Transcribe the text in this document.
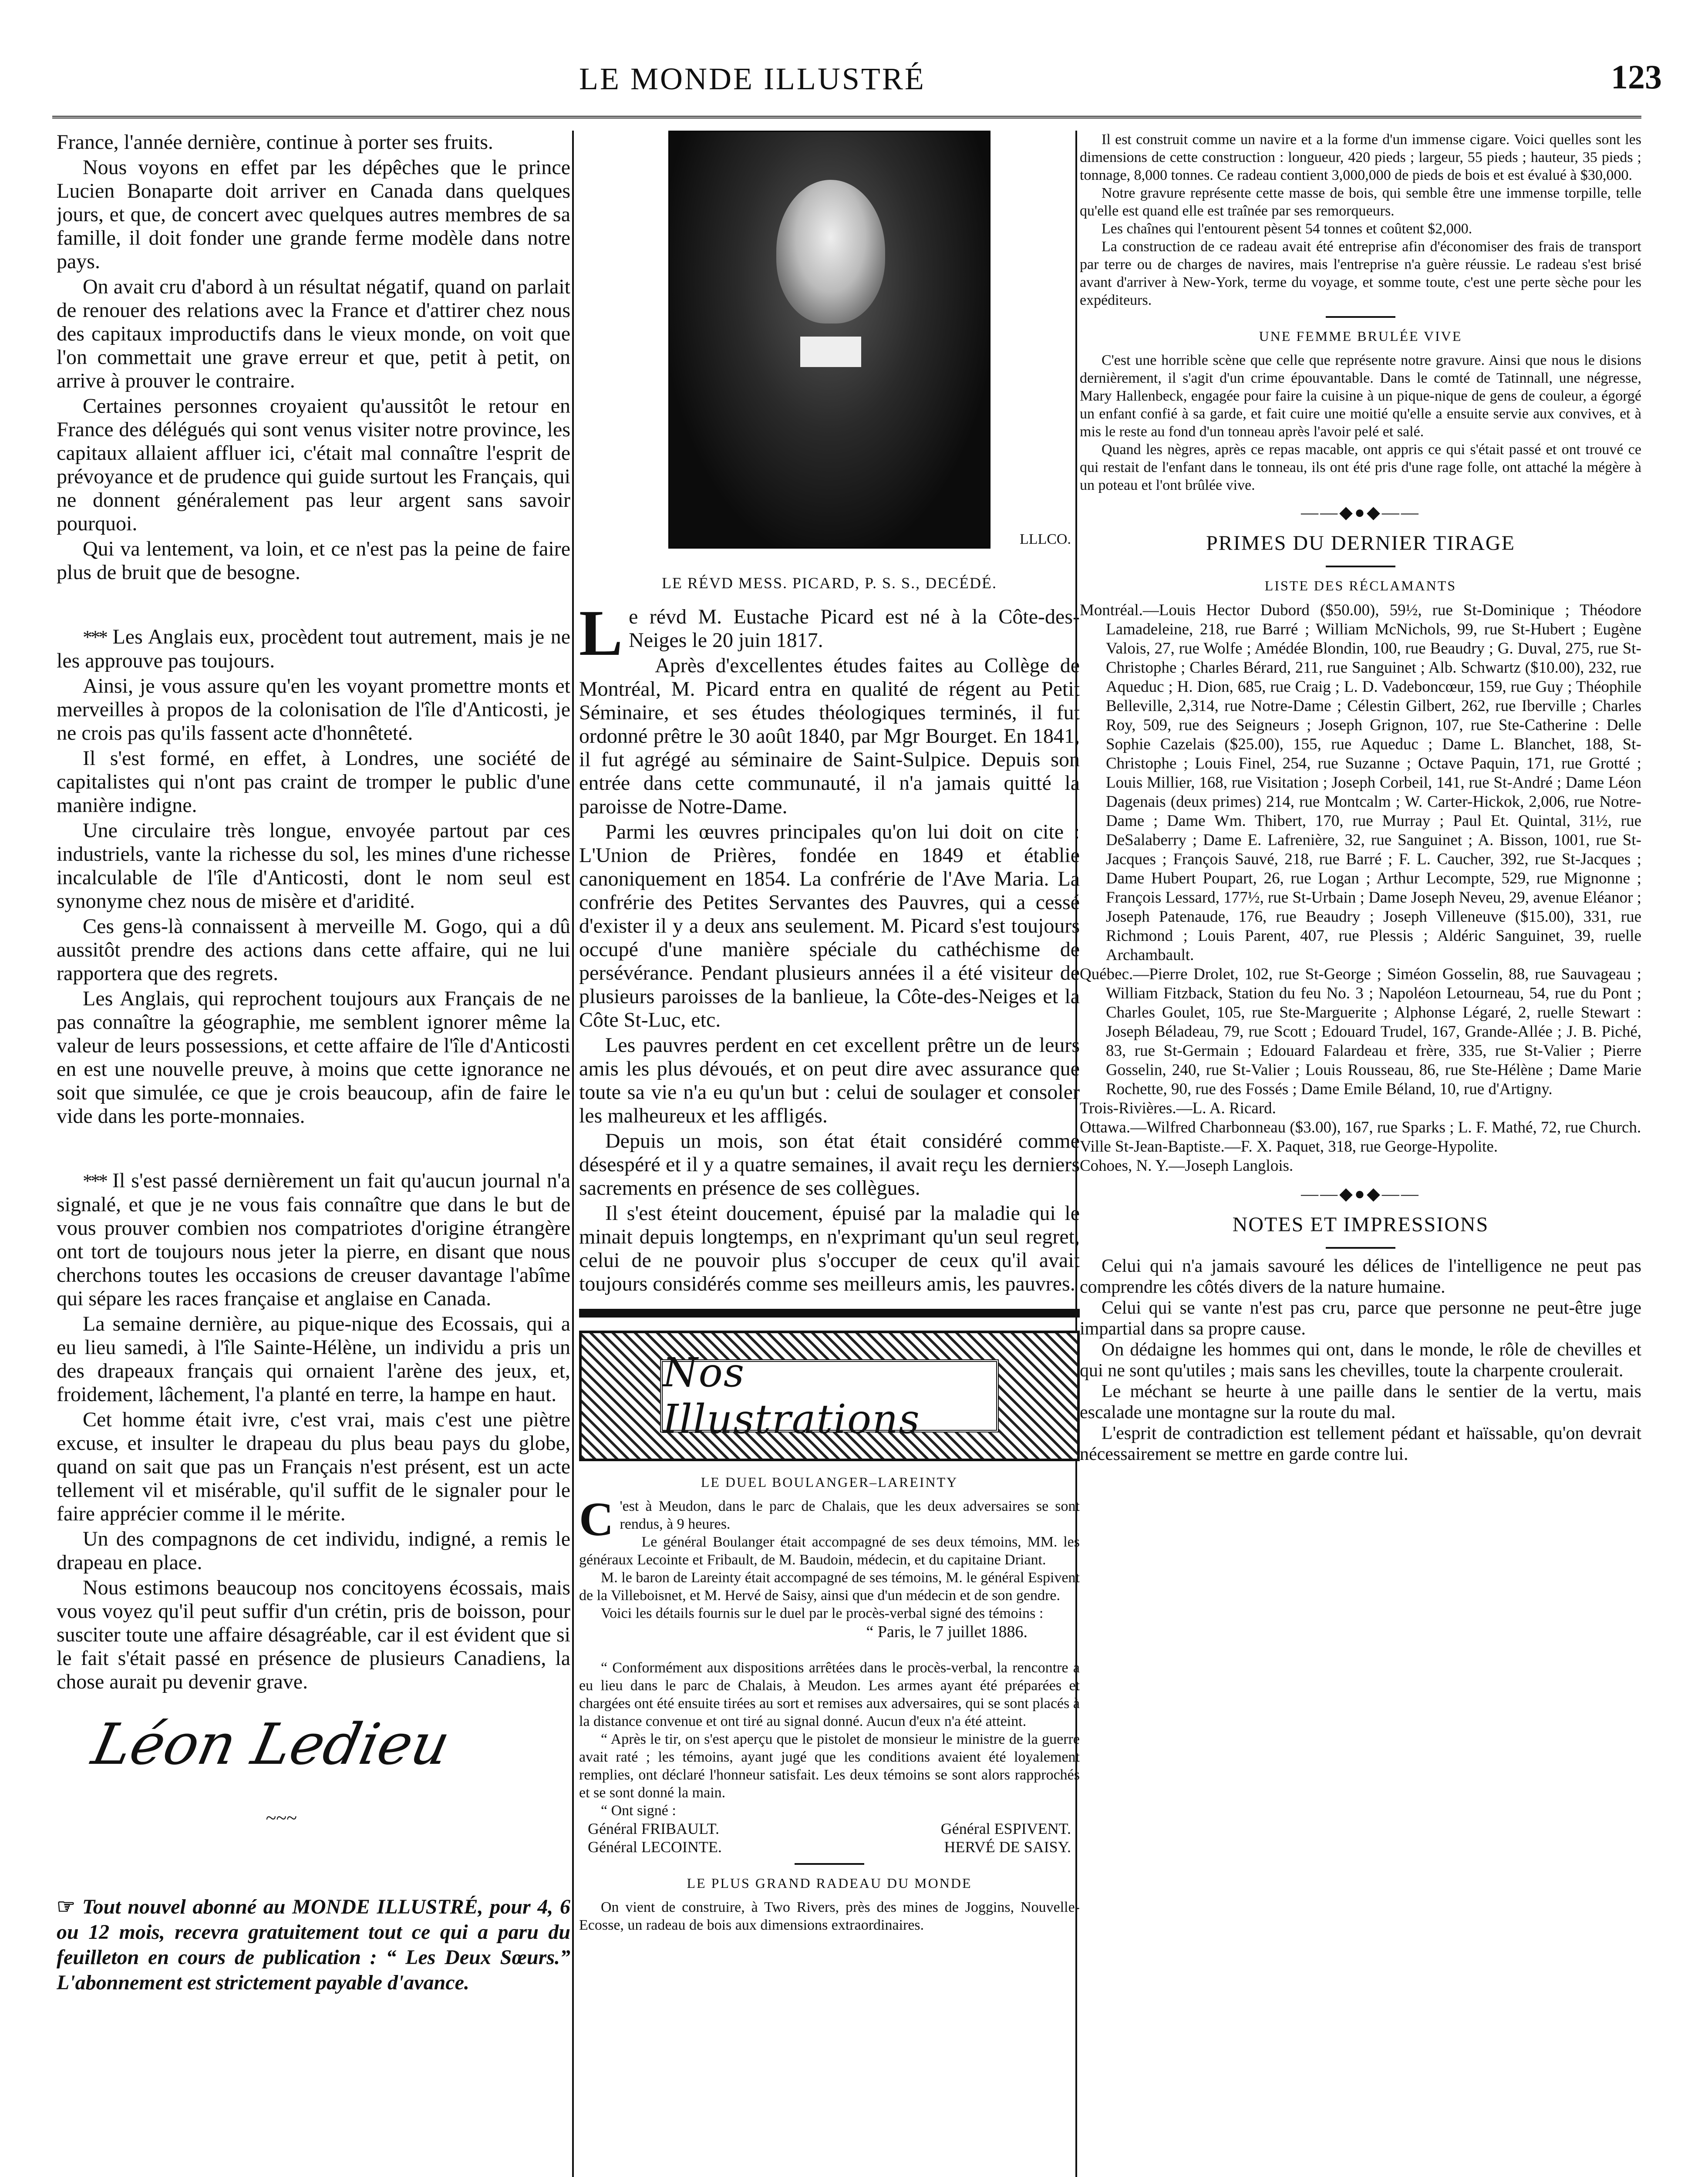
LE MONDE ILLUSTRÉ	123

France, l'année dernière, continue à porter ses fruits.

Nous voyons en effet par les dépêches que le prince Lucien Bonaparte doit arriver en Canada dans quelques jours, et que, de concert avec quelques autres membres de sa famille, il doit fonder une grande ferme modèle dans notre pays.

On avait cru d'abord à un résultat négatif, quand on parlait de renouer des relations avec la France et d'attirer chez nous des capitaux improductifs dans le vieux monde, on voit que l'on commettait une grave erreur et que, petit à petit, on arrive à prouver le contraire.

Certaines personnes croyaient qu'aussitôt le retour en France des délégués qui sont venus visiter notre province, les capitaux allaient affluer ici, c'était mal connaître l'esprit de prévoyance et de prudence qui guide surtout les Français, qui ne donnent généralement pas leur argent sans savoir pourquoi.

Qui va lentement, va loin, et ce n'est pas la peine de faire plus de bruit que de besogne.

*** Les Anglais eux, procèdent tout autrement, mais je ne les approuve pas toujours.

Ainsi, je vous assure qu'en les voyant promettre monts et merveilles à propos de la colonisation de l'île d'Anticosti, je ne crois pas qu'ils fassent acte d'honnêteté.

Il s'est formé, en effet, à Londres, une société de capitalistes qui n'ont pas craint de tromper le public d'une manière indigne.

Une circulaire très longue, envoyée partout par ces industriels, vante la richesse du sol, les mines d'une richesse incalculable de l'île d'Anticosti, dont le nom seul est synonyme chez nous de misère et d'aridité.

Ces gens-là connaissent à merveille M. Gogo, qui a dû aussitôt prendre des actions dans cette affaire, qui ne lui rapportera que des regrets.

Les Anglais, qui reprochent toujours aux Français de ne pas connaître la géographie, me semblent ignorer même la valeur de leurs possessions, et cette affaire de l'île d'Anticosti en est une nouvelle preuve, à moins que cette ignorance ne soit que simulée, ce que je crois beaucoup, afin de faire le vide dans les porte-monnaies.

*** Il s'est passé dernièrement un fait qu'aucun journal n'a signalé, et que je ne vous fais connaître que dans le but de vous prouver combien nos compatriotes d'origine étrangère ont tort de toujours nous jeter la pierre, en disant que nous cherchons toutes les occasions de creuser davantage l'abîme qui sépare les races française et anglaise en Canada.

La semaine dernière, au pique-nique des Ecossais, qui a eu lieu samedi, à l'île Sainte-Hélène, un individu a pris un des drapeaux français qui ornaient l'arène des jeux, et, froidement, lâchement, l'a planté en terre, la hampe en haut.

Cet homme était ivre, c'est vrai, mais c'est une piètre excuse, et insulter le drapeau du plus beau pays du globe, quand on sait que pas un Français n'est présent, est un acte tellement vil et misérable, qu'il suffit de le signaler pour le faire apprécier comme il le mérite.

Un des compagnons de cet individu, indigné, a remis le drapeau en place.

Nous estimons beaucoup nos concitoyens écossais, mais vous voyez qu'il peut suffir d'un crétin, pris de boisson, pour susciter toute une affaire désagréable, car il est évident que si le fait s'était passé en présence de plusieurs Canadiens, la chose aurait pu devenir grave.

Léon Ledieu
~~~

☞ Tout nouvel abonné au MONDE ILLUSTRÉ, pour 4, 6 ou 12 mois, recevra gratuitement tout ce qui a paru du feuilleton en cours de publication : “ Les Deux Sœurs.” L'abonnement est strictement payable d'avance.

LLLCO.
LE RÉVD MESS. PICARD, P. S. S., DECÉDÉ.

Le révd M. Eustache Picard est né à la Côte-des-Neiges le 20 juin 1817.

Après d'excellentes études faites au Collège de Montréal, M. Picard entra en qualité de régent au Petit Séminaire, et ses études théologiques terminés, il fut ordonné prêtre le 30 août 1840, par Mgr Bourget. En 1841, il fut agrégé au séminaire de Saint-Sulpice. Depuis son entrée dans cette communauté, il n'a jamais quitté la paroisse de Notre-Dame.

Parmi les œuvres principales qu'on lui doit on cite : L'Union de Prières, fondée en 1849 et établie canoniquement en 1854. La confrérie de l'Ave Maria. La confrérie des Petites Servantes des Pauvres, qui a cessé d'exister il y a deux ans seulement. M. Picard s'est toujours occupé d'une manière spéciale du cathéchisme de persévérance. Pendant plusieurs années il a été visiteur de plusieurs paroisses de la banlieue, la Côte-des-Neiges et la Côte St-Luc, etc.

Les pauvres perdent en cet excellent prêtre un de leurs amis les plus dévoués, et on peut dire avec assurance que toute sa vie n'a eu qu'un but : celui de soulager et consoler les malheureux et les affligés.

Depuis un mois, son état était considéré comme désespéré et il y a quatre semaines, il avait reçu les derniers sacrements en présence de ses collègues.

Il s'est éteint doucement, épuisé par la maladie qui le minait depuis longtemps, en n'exprimant qu'un seul regret, celui de ne pouvoir plus s'occuper de ceux qu'il avait toujours considérés comme ses meilleurs amis, les pauvres.

Nos Illustrations
LE DUEL BOULANGER–LAREINTY

C 'est à Meudon, dans le parc de Chalais, que les deux adversaires se sont rendus, à 9 heures.

Le général Boulanger était accompagné de ses deux témoins, MM. les généraux Lecointe et Fribault, de M. Baudoin, médecin, et du capitaine Driant.

M. le baron de Lareinty était accompagné de ses témoins, M. le général Espivent de la Villeboisnet, et M. Hervé de Saisy, ainsi que d'un médecin et de son gendre.

Voici les détails fournis sur le duel par le procès-verbal signé des témoins :

“ Paris, le 7 juillet 1886.

“ Conformément aux dispositions arrêtées dans le procès-verbal, la rencontre a eu lieu dans le parc de Chalais, à Meudon. Les armes ayant été préparées et chargées ont été ensuite tirées au sort et remises aux adversaires, qui se sont placés à la distance convenue et ont tiré au signal donné. Aucun d'eux n'a été atteint.

“ Après le tir, on s'est aperçu que le pistolet de monsieur le ministre de la guerre avait raté ; les témoins, ayant jugé que les conditions avaient été loyalement remplies, ont déclaré l'honneur satisfait. Les deux témoins se sont alors rapprochés et se sont donné la main.

“ Ont signé :

Général FRIBAULT.	Général ESPIVENT.
Général LECOINTE.	HERVÉ DE SAISY.
LE PLUS GRAND RADEAU DU MONDE

On vient de construire, à Two Rivers, près des mines de Joggins, Nouvelle-Ecosse, un radeau de bois aux dimensions extraordinaires.

Il est construit comme un navire et a la forme d'un immense cigare. Voici quelles sont les dimensions de cette construction : longueur, 420 pieds ; largeur, 55 pieds ; hauteur, 35 pieds ; tonnage, 8,000 tonnes. Ce radeau contient 3,000,000 de pieds de bois et est évalué à $30,000.

Notre gravure représente cette masse de bois, qui semble être une immense torpille, telle qu'elle est quand elle est traînée par ses remorqueurs.

Les chaînes qui l'entourent pèsent 54 tonnes et coûtent $2,000.

La construction de ce radeau avait été entreprise afin d'économiser des frais de transport par terre ou de charges de navires, mais l'entreprise n'a guère réussie. Le radeau s'est brisé avant d'arriver à New-York, terme du voyage, et somme toute, c'est une perte sèche pour les expéditeurs.

UNE FEMME BRULÉE VIVE

C'est une horrible scène que celle que représente notre gravure. Ainsi que nous le disions dernièrement, il s'agit d'un crime épouvantable. Dans le comté de Tatinnall, une négresse, Mary Hallenbeck, engagée pour faire la cuisine à un pique-nique de gens de couleur, a égorgé un enfant confié à sa garde, et fait cuire une moitié qu'elle a ensuite servie aux convives, et à mis le reste au fond d'un tonneau après l'avoir pelé et salé.

Quand les nègres, après ce repas macable, ont appris ce qui s'était passé et ont trouvé ce qui restait de l'enfant dans le tonneau, ils ont été pris d'une rage folle, ont attaché la mégère à un poteau et l'ont brûlée vive.

——◆●◆——
PRIMES DU DERNIER TIRAGE
LISTE DES RÉCLAMANTS

Montréal.—Louis Hector Dubord ($50.00), 59½, rue St-Dominique ; Théodore Lamadeleine, 218, rue Barré ; William McNichols, 99, rue St-Hubert ; Eugène Valois, 27, rue Wolfe ; Amédée Blondin, 100, rue Beaudry ; G. Duval, 275, rue St-Christophe ; Charles Bérard, 211, rue Sanguinet ; Alb. Schwartz ($10.00), 232, rue Aqueduc ; H. Dion, 685, rue Craig ; L. D. Vadeboncœur, 159, rue Guy ; Théophile Belleville, 2,314, rue Notre-Dame ; Célestin Gilbert, 262, rue Iberville ; Charles Roy, 509, rue des Seigneurs ; Joseph Grignon, 107, rue Ste-Catherine : Delle Sophie Cazelais ($25.00), 155, rue Aqueduc ; Dame L. Blanchet, 188, St-Christophe ; Louis Finel, 254, rue Suzanne ; Octave Paquin, 171, rue Grotté ; Louis Millier, 168, rue Visitation ; Joseph Corbeil, 141, rue St-André ; Dame Léon Dagenais (deux primes) 214, rue Montcalm ; W. Carter-Hickok, 2,006, rue Notre-Dame ; Dame Wm. Thibert, 170, rue Murray ; Paul Et. Quintal, 31½, rue DeSalaberry ; Dame E. Lafrenière, 32, rue Sanguinet ; A. Bisson, 1001, rue St-Jacques ; François Sauvé, 218, rue Barré ; F. L. Caucher, 392, rue St-Jacques ; Dame Hubert Poupart, 26, rue Logan ; Arthur Lecompte, 529, rue Mignonne ; François Lessard, 177½, rue St-Urbain ; Dame Joseph Neveu, 29, avenue Eléanor ; Joseph Patenaude, 176, rue Beaudry ; Joseph Villeneuve ($15.00), 331, rue Richmond ; Louis Parent, 407, rue Plessis ; Aldéric Sanguinet, 39, ruelle Archambault.

Québec.—Pierre Drolet, 102, rue St-George ; Siméon Gosselin, 88, rue Sauvageau ; William Fitzback, Station du feu No. 3 ; Napoléon Letourneau, 54, rue du Pont ; Charles Goulet, 105, rue Ste-Marguerite ; Alphonse Légaré, 2, ruelle Stewart : Joseph Béladeau, 79, rue Scott ; Edouard Trudel, 167, Grande-Allée ; J. B. Piché, 83, rue St-Germain ; Edouard Falardeau et frère, 335, rue St-Valier ; Pierre Gosselin, 240, rue St-Valier ; Louis Rousseau, 86, rue Ste-Hélène ; Dame Marie Rochette, 90, rue des Fossés ; Dame Emile Béland, 10, rue d'Artigny.

Trois-Rivières.—L. A. Ricard.

Ottawa.—Wilfred Charbonneau ($3.00), 167, rue Sparks ; L. F. Mathé, 72, rue Church.

Ville St-Jean-Baptiste.—F. X. Paquet, 318, rue George-Hypolite.

Cohoes, N. Y.—Joseph Langlois.

——◆●◆——
NOTES ET IMPRESSIONS

Celui qui n'a jamais savouré les délices de l'intelligence ne peut pas comprendre les côtés divers de la nature humaine.

Celui qui se vante n'est pas cru, parce que personne ne peut-être juge impartial dans sa propre cause.

On dédaigne les hommes qui ont, dans le monde, le rôle de chevilles et qui ne sont qu'utiles ; mais sans les chevilles, toute la charpente croulerait.

Le méchant se heurte à une paille dans le sentier de la vertu, mais escalade une montagne sur la route du mal.

L'esprit de contradiction est tellement pédant et haïssable, qu'on devrait nécessairement se mettre en garde contre lui.
